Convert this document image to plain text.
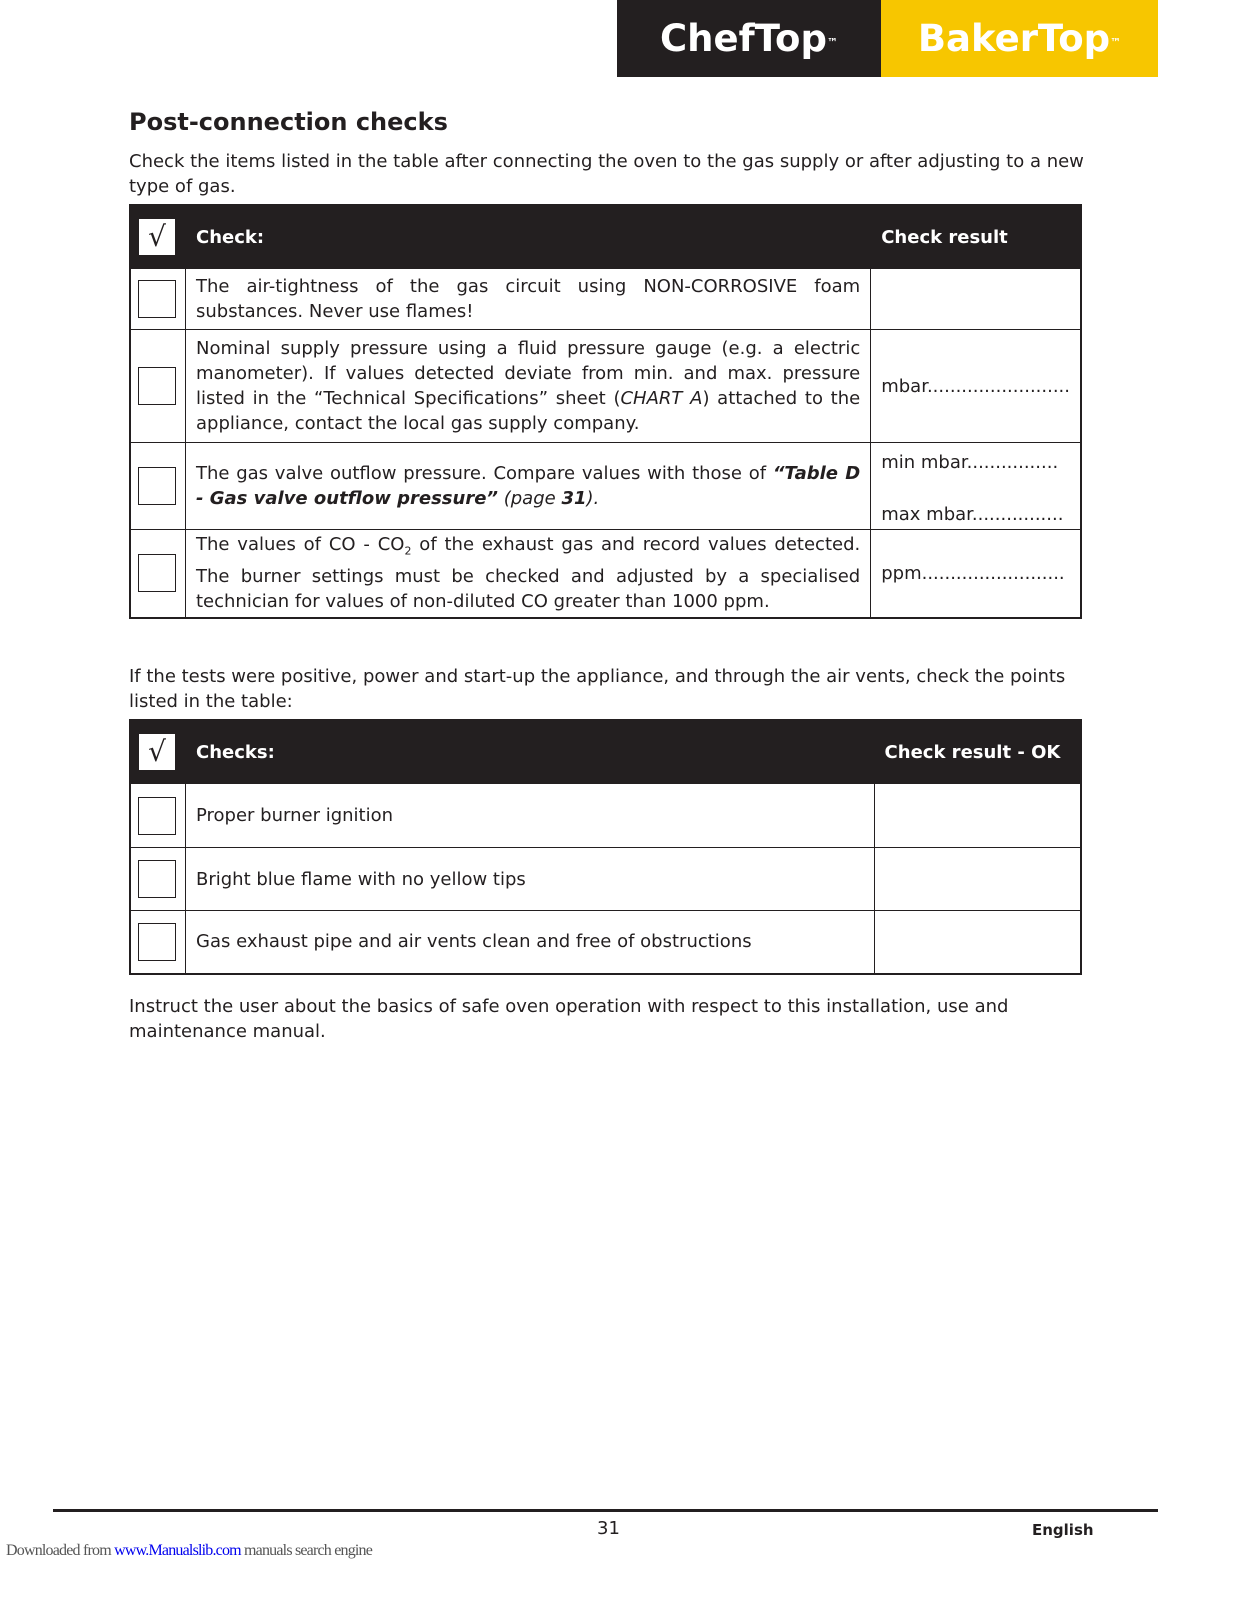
ChefTop™ BakerTop™
Post-connection checks
Check the items listed in the table after connecting the oven to the gas supply or after adjusting to a new type of gas.
√	Check:	Check result

	The air-tightness of the gas circuit using NON-CORROSIVE foam substances. Never use flames!	

	Nominal supply pressure using a fluid pressure gauge (e.g. a electric manometer). If values detected deviate from min. and max. pressure listed in the “Technical Specifications” sheet (CHART A) attached to the appliance, contact the local gas supply company.	mbar.........................

	The gas valve outflow pressure. Compare values with those of “Table D - Gas valve outflow pressure” (page 31).	min mbar................
max mbar................

	The values of CO - $CO_2$ of the exhaust gas and record values detected. The burner settings must be checked and adjusted by a specialised technician for values of non-diluted CO greater than 1000 ppm.	ppm.........................
If the tests were positive, power and start-up the appliance, and through the air vents, check the points listed in the table:
√	Checks:	Check result - OK

	Proper burner ignition	

	Bright blue flame with no yellow tips	

	Gas exhaust pipe and air vents clean and free of obstructions	
Instruct the user about the basics of safe oven operation with respect to this installation, use and maintenance manual.
31	English
Downloaded from www.Manualslib.com manuals search engine
